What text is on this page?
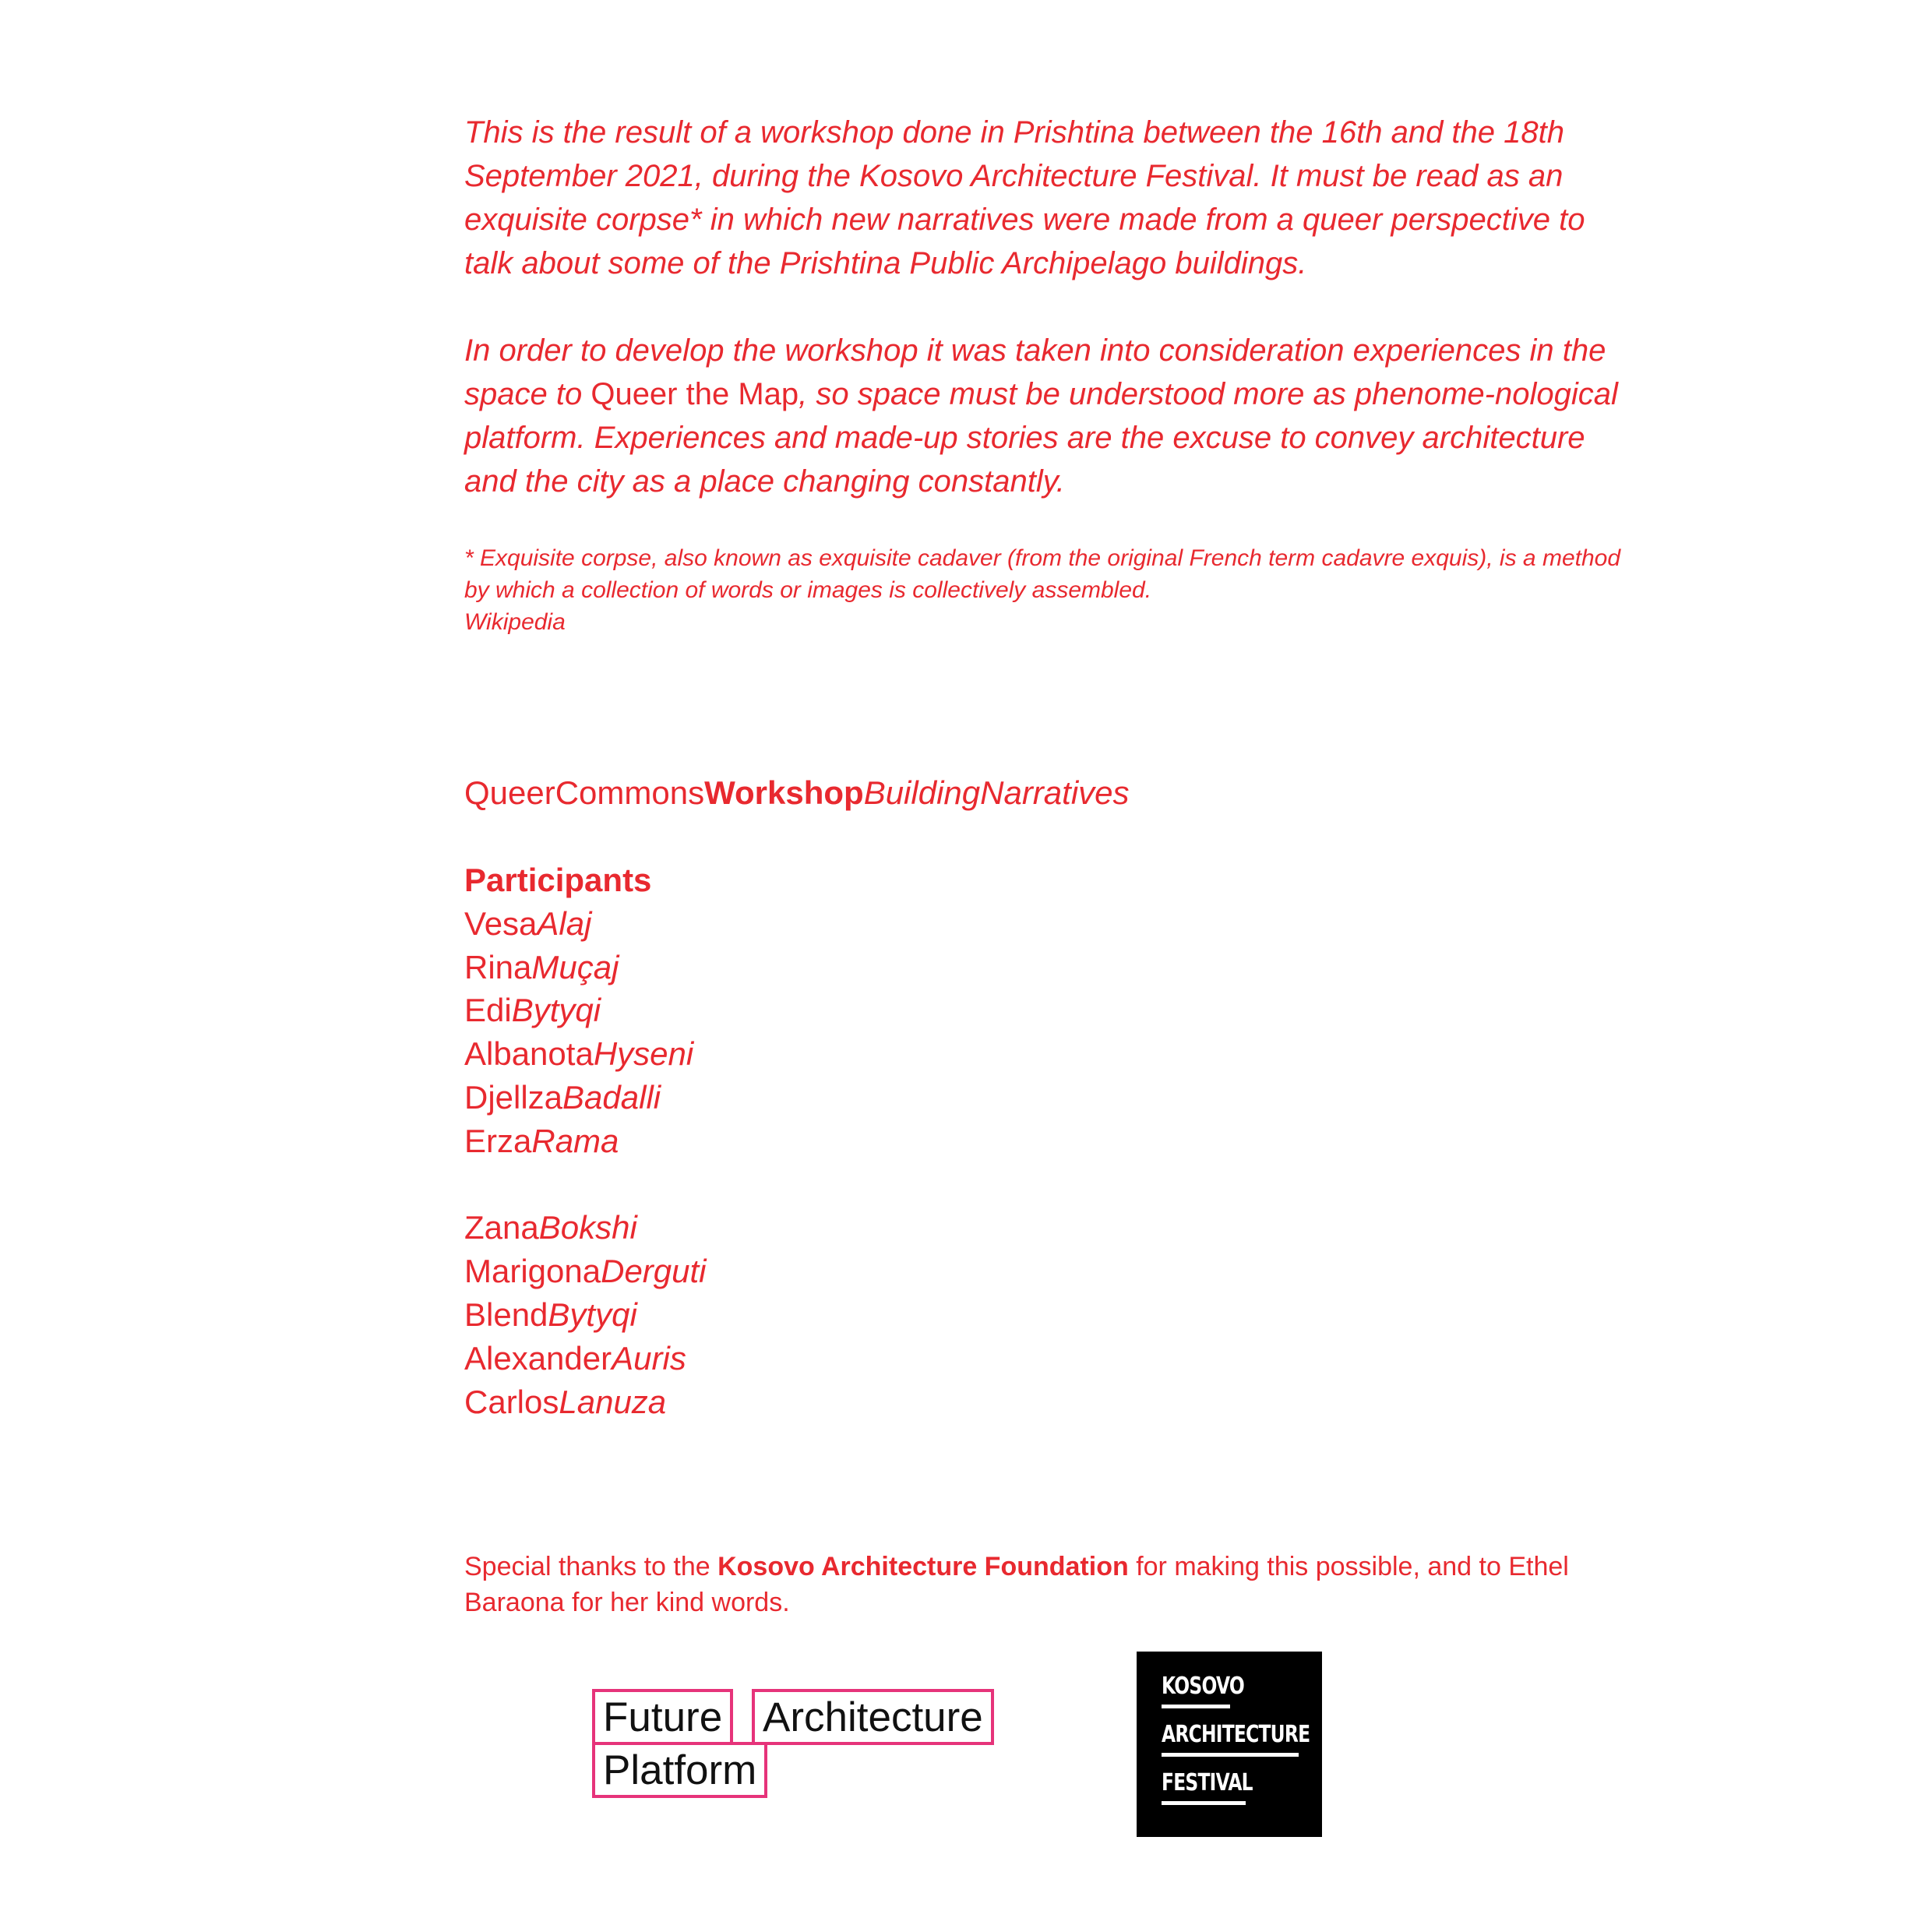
This is the result of a workshop done in Prishtina between the 16th and the 18th September 2021, during the Kosovo Architecture Festival. It must be read as an exquisite corpse* in which new narratives were made from a queer perspective to talk about some of the Prishtina Public Archipelago buildings.

In order to develop the workshop it was taken into consideration experiences in the space to Queer the Map, so space must be understood more as phenome-nological platform. Experiences and made-up stories are the excuse to convey architecture and the city as a place changing constantly.

* Exquisite corpse, also known as exquisite cadaver (from the original French term cadavre exquis), is a method by which a collection of words or images is collectively assembled.
Wikipedia
QueerCommonsWorkshopBuildingNarratives
Participants
VesaAlaj
RinaMuçaj
EdiBytyqi
AlbanotaHyseni
DjellzaBadalli
ErzaRama
ZanaBokshi
MarigonaDerguti
BlendBytyqi
AlexanderAuris
CarlosLanuza
Special thanks to the Kosovo Architecture Foundation for making this possible, and to Ethel Baraona for her kind words.
Future Architecture
Platform
KOSOVO
ARCHITECTURE
FESTIVAL
